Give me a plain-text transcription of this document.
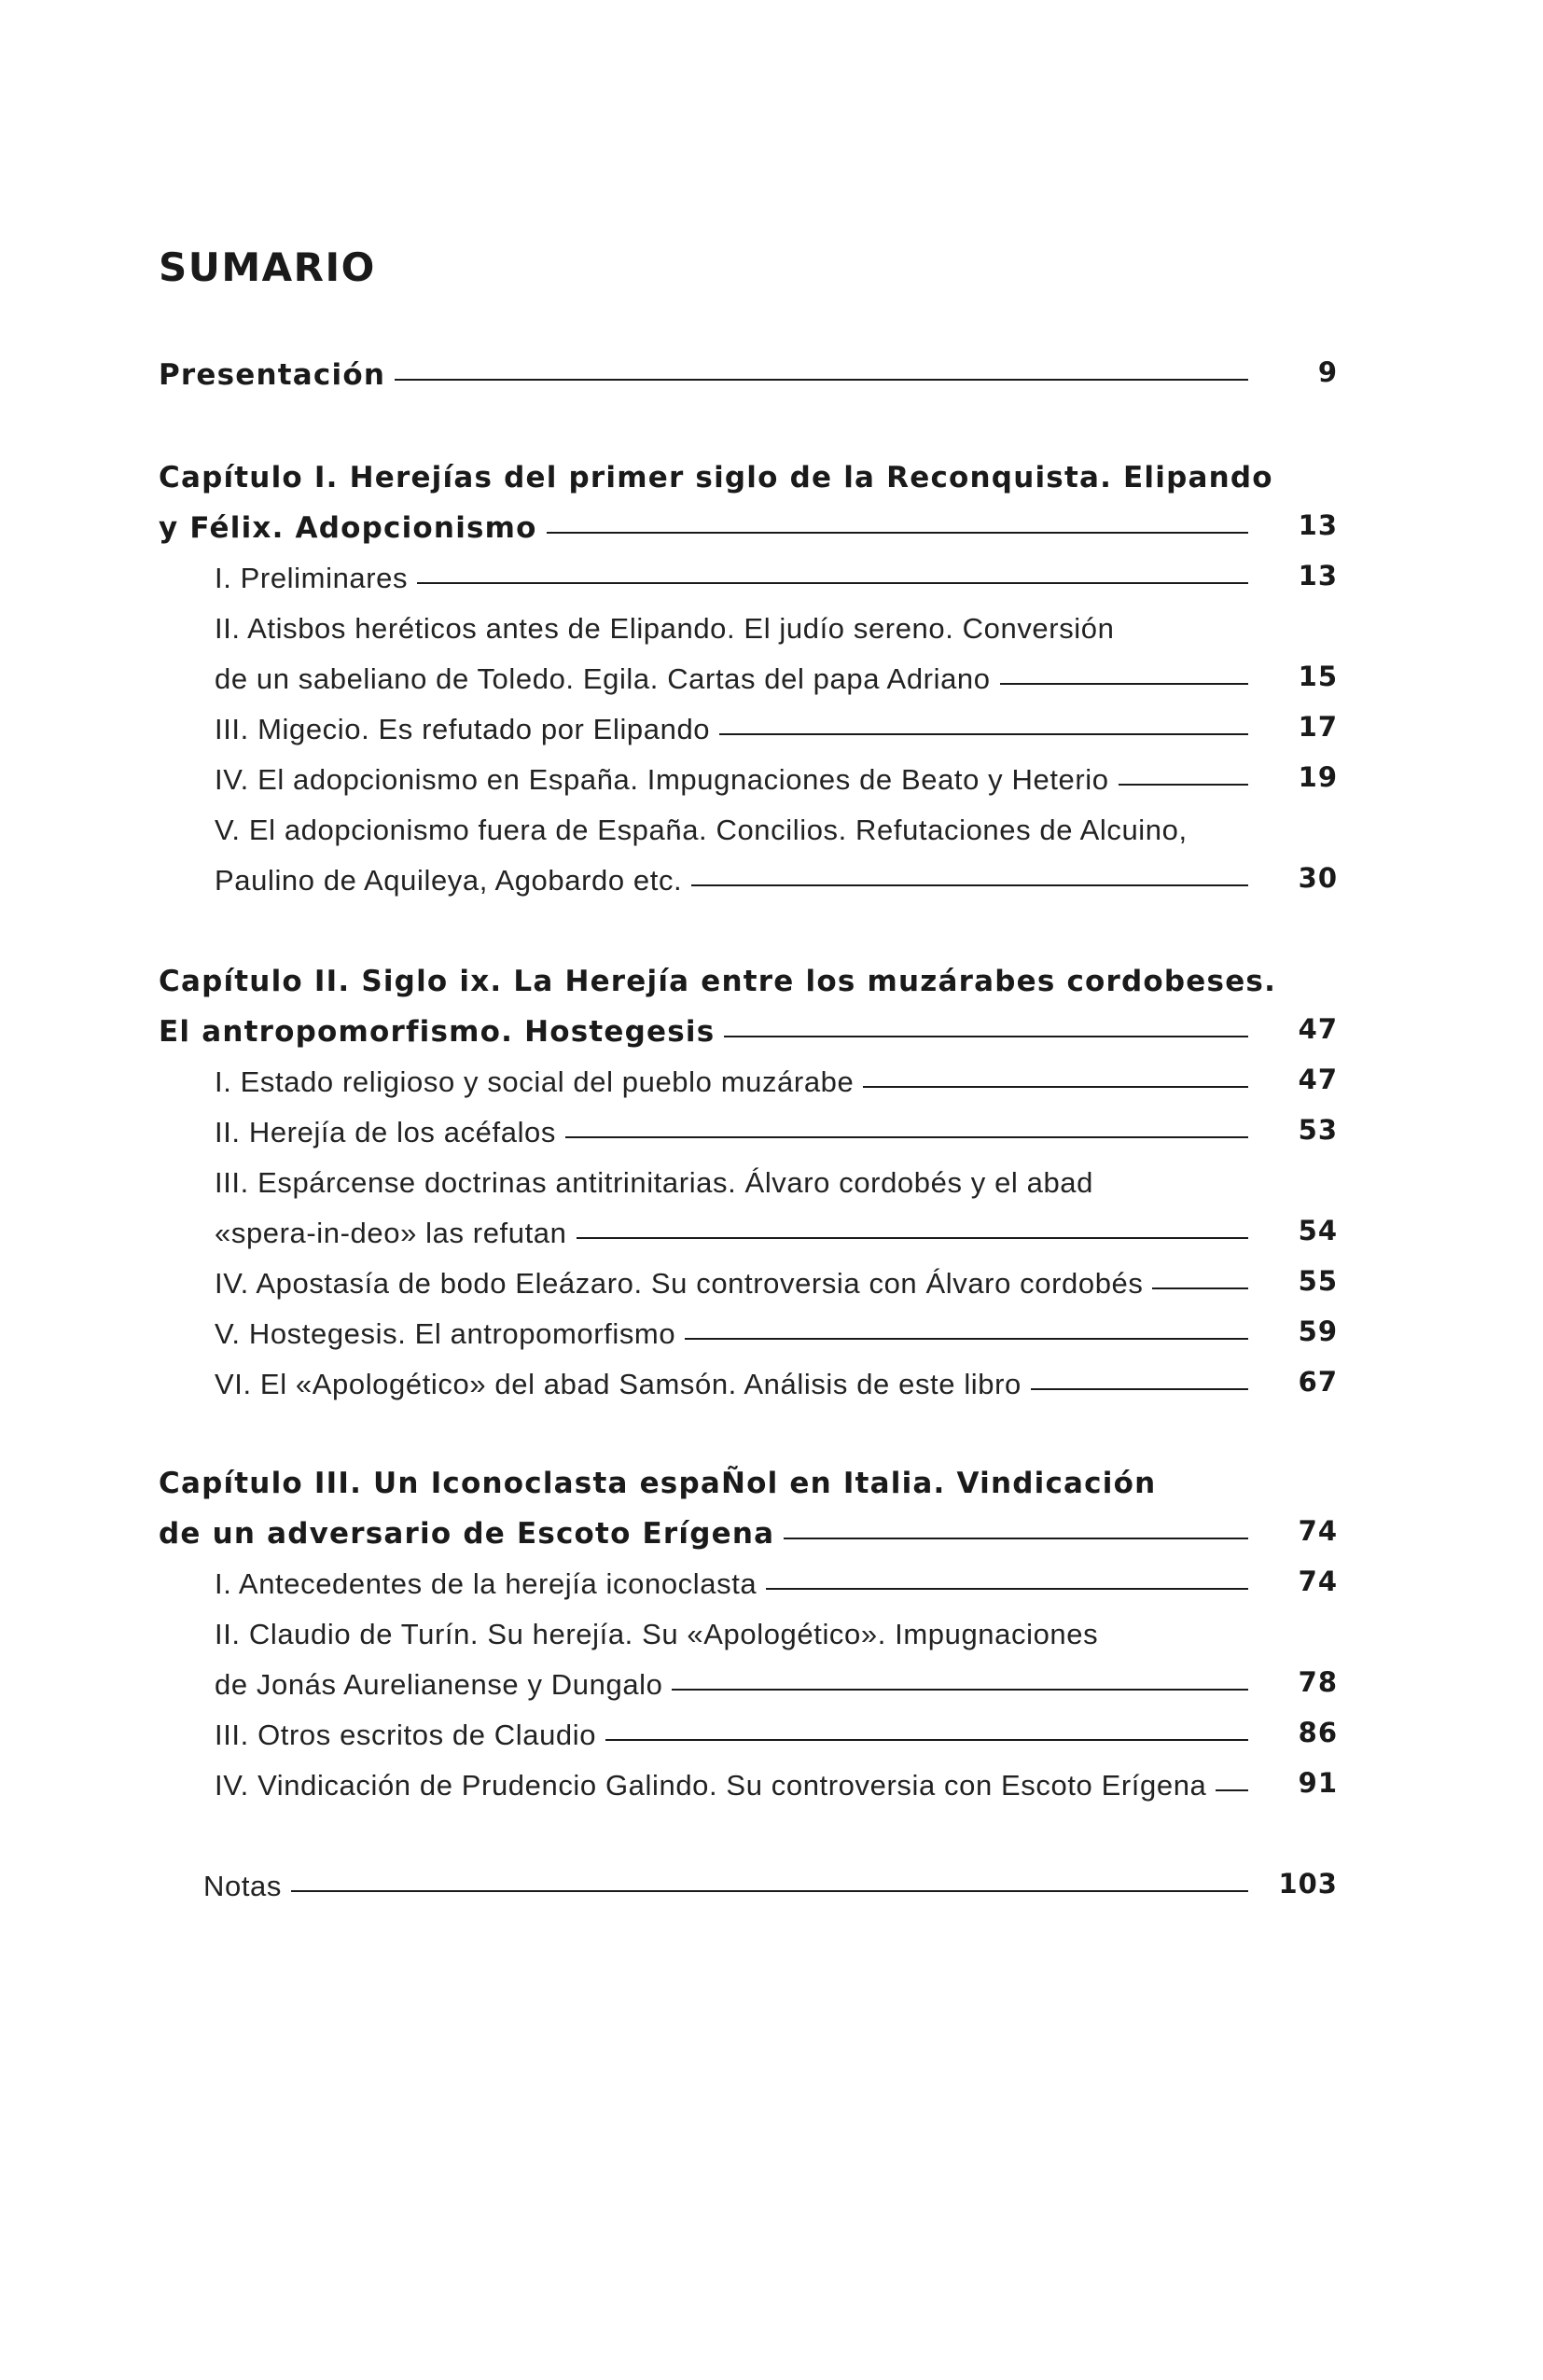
SUMARIO
Presentación	9
Capítulo I. Herejías del primer siglo de la Reconquista. Elipando
y Félix. Adopcionismo	13
I. Preliminares	13
II. Atisbos heréticos antes de Elipando. El judío sereno. Conversión
de un sabeliano de Toledo. Egila. Cartas del papa Adriano	15
III. Migecio. Es refutado por Elipando	17
IV. El adopcionismo en España. Impugnaciones de Beato y Heterio	19
V. El adopcionismo fuera de España. Concilios. Refutaciones de Alcuino,
Paulino de Aquileya, Agobardo etc.	30
Capítulo II. Siglo ix. La Herejía entre los muzárabes cordobeses.
El antropomorfismo. Hostegesis	47
I. Estado religioso y social del pueblo muzárabe	47
II. Herejía de los acéfalos	53
III. Espárcense doctrinas antitrinitarias. Álvaro cordobés y el abad
«spera-in-deo» las refutan	54
IV. Apostasía de bodo Eleázaro. Su controversia con Álvaro cordobés	55
V. Hostegesis. El antropomorfismo	59
VI. El «Apologético» del abad Samsón. Análisis de este libro	67
Capítulo III. Un Iconoclasta espaÑol en Italia. Vindicación
de un adversario de Escoto Erígena	74
I. Antecedentes de la herejía iconoclasta	74
II. Claudio de Turín. Su herejía. Su «Apologético». Impugnaciones
de Jonás Aurelianense y Dungalo	78
III. Otros escritos de Claudio	86
IV. Vindicación de Prudencio Galindo. Su controversia con Escoto Erígena	91
Notas	103
